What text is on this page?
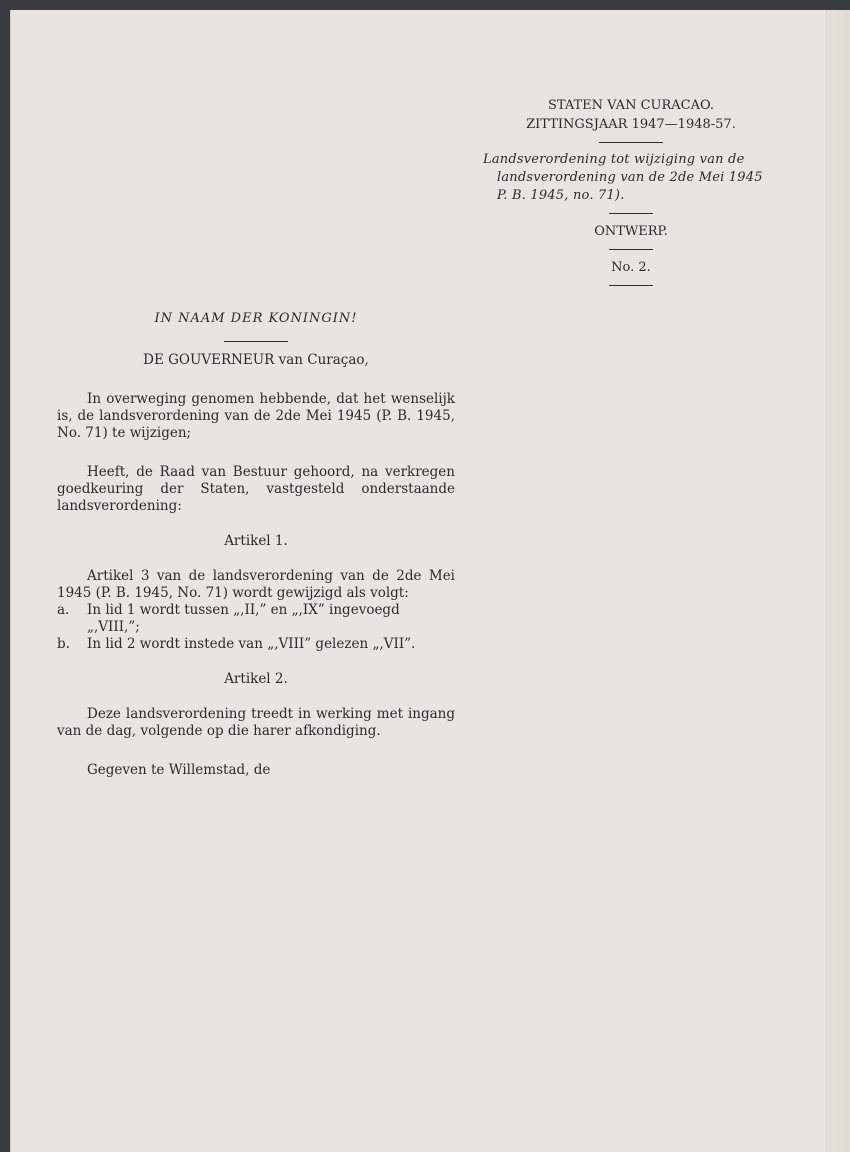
STATEN VAN CURACAO.
ZITTINGSJAAR 1947—1948-57.
Landsverordening tot wijziging van de
landsverordening van de 2de Mei 1945
P. B. 1945, no. 71).
ONTWERP.
No. 2.

IN NAAM DER KONINGIN!

DE GOUVERNEUR van Curaçao,

In overweging genomen hebbende, dat het wenselijk is, de landsverordening van de 2de Mei 1945 (P. B. 1945, No. 71) te wijzigen;

Heeft, de Raad van Bestuur gehoord, na verkregen goedkeuring der Staten, vastgesteld onderstaande landsverordening:

Artikel 1.

Artikel 3 van de landsverordening van de 2de Mei 1945 (P. B. 1945, No. 71) wordt gewijzigd als volgt:

a.	In lid 1 wordt tussen „,II,” en „,IX” ingevoegd „,VIII,”;
b.	In lid 2 wordt instede van „,VIII” gelezen „,VII”.

Artikel 2.

Deze landsverordening treedt in werking met ingang van de dag, volgende op die harer afkondiging.

Gegeven te Willemstad, de
